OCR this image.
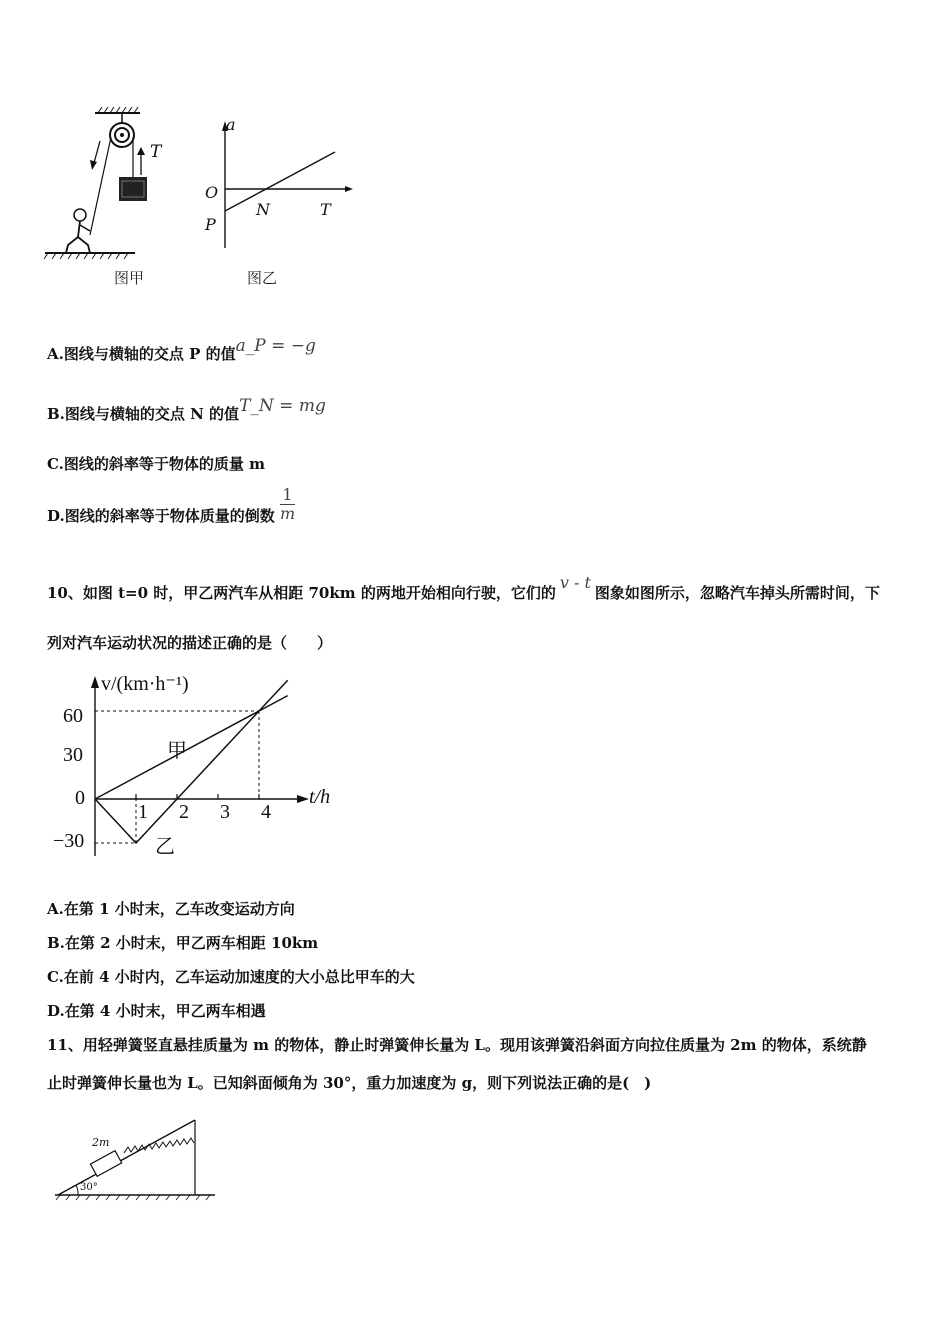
T
图甲
a
O
P
N	T
图乙
A.图线与横轴的交点 P 的值a_P = −g
B.图线与横轴的交点 N 的值T_N = mg
C.图线的斜率等于物体的质量 m
D.图线的斜率等于物体质量的倒数 $\frac{1}{m}$
10、如图 t=0 时，甲乙两汽车从相距 70km 的两地开始相向行驶，它们的v - t图象如图所示，忽略汽车掉头所需时间，下
列对汽车运动状况的描述正确的是（　　）
v/(km·h⁻¹)
t/h
60
30
0
−30
1 2 3 4
甲
乙
A.在第 1 小时末，乙车改变运动方向
B.在第 2 小时末，甲乙两车相距 10km
C.在前 4 小时内，乙车运动加速度的大小总比甲车的大
D.在第 4 小时末，甲乙两车相遇
11、用轻弹簧竖直悬挂质量为 m 的物体，静止时弹簧伸长量为 L。现用该弹簧沿斜面方向拉住质量为 2m 的物体，系统静
止时弹簧伸长量也为 L。已知斜面倾角为 30°，重力加速度为 g，则下列说法正确的是(　)
2m
30°
